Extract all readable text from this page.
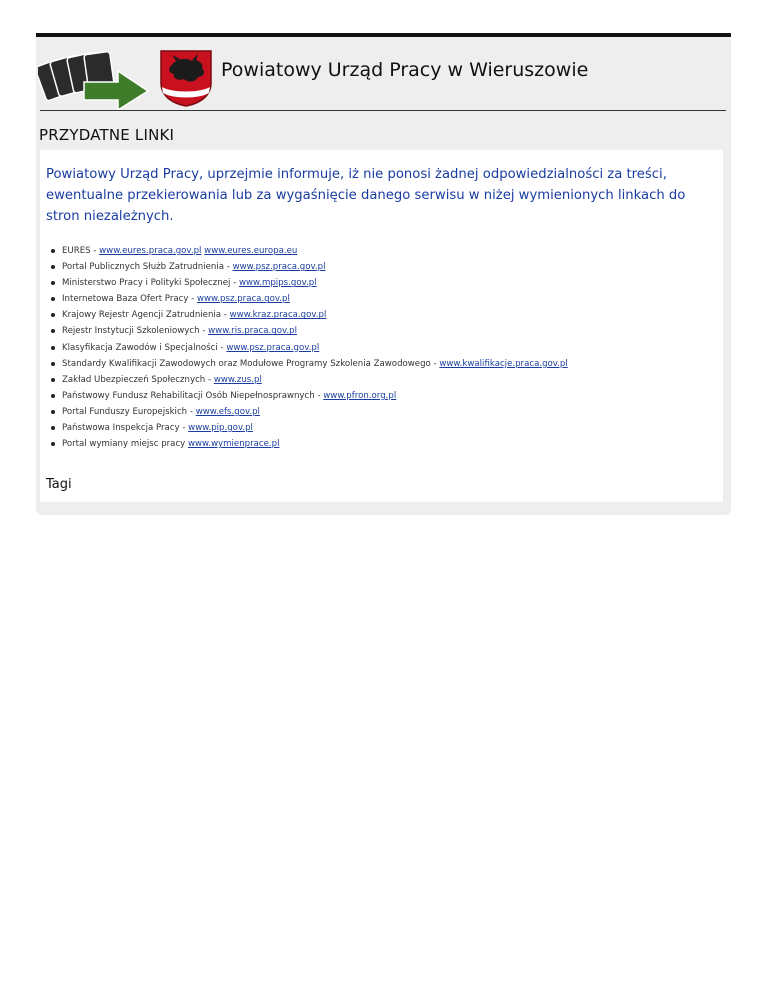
Powiatowy Urząd Pracy w Wieruszowie
PRZYDATNE LINKI

Powiatowy Urząd Pracy, uprzejmie informuje, iż nie ponosi żadnej odpowiedzialności za treści, ewentualne przekierowania lub za wygaśnięcie danego serwisu w niżej wymienionych linkach do stron niezależnych.

EURES - www.eures.praca.gov.pl www.eures.europa.eu
Portal Publicznych Służb Zatrudnienia - www.psz.praca.gov.pl
Ministerstwo Pracy i Polityki Społecznej - www.mpips.gov.pl
Internetowa Baza Ofert Pracy - www.psz.praca.gov.pl
Krajowy Rejestr Agencji Zatrudnienia - www.kraz.praca.gov.pl
Rejestr Instytucji Szkoleniowych - www.ris.praca.gov.pl
Klasyfikacja Zawodów i Specjalności - www.psz.praca.gov.pl
Standardy Kwalifikacji Zawodowych oraz Modułowe Programy Szkolenia Zawodowego - www.kwalifikacje.praca.gov.pl
Zakład Ubezpieczeń Społecznych - www.zus.pl
Państwowy Fundusz Rehabilitacji Osób Niepełnosprawnych - www.pfron.org.pl
Portal Funduszy Europejskich - www.efs.gov.pl
Państwowa Inspekcja Pracy - www.pip.gov.pl
Portal wymiany miejsc pracy www.wymienprace.pl
Tagi
